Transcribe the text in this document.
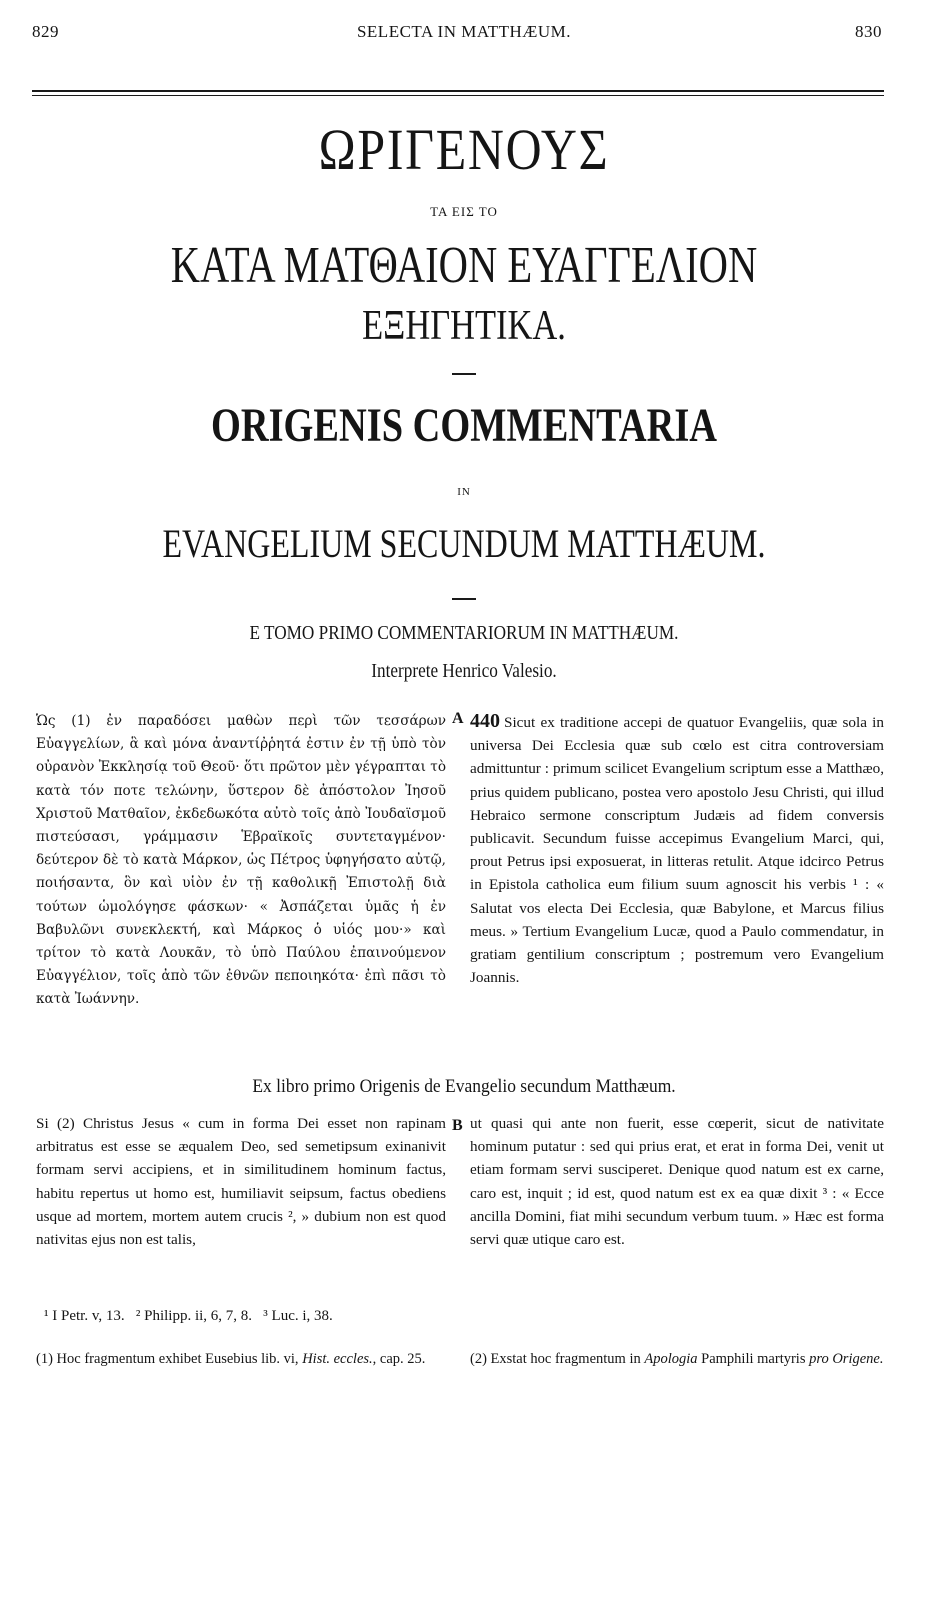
829	SELECTA IN MATTHÆUM.	830
ΩΡΙΓΕΝΟΥΣ
ΤΑ ΕΙΣ ΤΟ
ΚΑΤΑ ΜΑΤΘΑΙΟΝ ΕΥΑΓΓΕΛΙΟΝ
ΕΞΗΓΗΤΙΚΑ.
ORIGENIS COMMENTARIA
IN
EVANGELIUM SECUNDUM MATTHÆUM.
E TOMO PRIMO COMMENTARIORUM IN MATTHÆUM.
Interprete Henrico Valesio.
Ὡς (1) ἐν παραδόσει μαθὼν περὶ τῶν τεσσάρων Εὐαγγελίων, ἃ καὶ μόνα ἀναντίῤῥητά ἐστιν ἐν τῇ ὑπὸ τὸν οὐρανὸν Ἐκκλησίᾳ τοῦ Θεοῦ· ὅτι πρῶτον μὲν γέγραπται τὸ κατὰ τόν ποτε τελώνην, ὕστερον δὲ ἀπόστολον Ἰησοῦ Χριστοῦ Ματθαῖον, ἐκδεδωκότα αὐτὸ τοῖς ἀπὸ Ἰουδαϊσμοῦ πιστεύσασι, γράμμασιν Ἑβραϊκοῖς συντεταγμένον· δεύτερον δὲ τὸ κατὰ Μάρκον, ὡς Πέτρος ὑφηγήσατο αὐτῷ, ποιήσαντα, ὃν καὶ υἱὸν ἐν τῇ καθολικῇ Ἐπιστολῇ διὰ τούτων ὡμολόγησε φάσκων· « Ἀσπάζεται ὑμᾶς ἡ ἐν Βαβυλῶνι συνεκλεκτή, καὶ Μάρκος ὁ υἱός μου·» καὶ τρίτον τὸ κατὰ Λουκᾶν, τὸ ὑπὸ Παύλου ἐπαινούμενον Εὐαγγέλιον, τοῖς ἀπὸ τῶν ἐθνῶν πεποιηκότα· ἐπὶ πᾶσι τὸ κατὰ Ἰωάννην.
A 440 Sicut ex traditione accepi de quatuor Evangeliis, quæ sola in universa Dei Ecclesia quæ sub cœlo est citra controversiam admittuntur : primum scilicet Evangelium scriptum esse a Matthæo, prius quidem publicano, postea vero apostolo Jesu Christi, qui illud Hebraico sermone conscriptum Judæis ad fidem conversis publicavit. Secundum fuisse accepimus Evangelium Marci, qui, prout Petrus ipsi exposuerat, in litteras retulit. Atque idcirco Petrus in Epistola catholica eum filium suum agnoscit his verbis ¹ : « Salutat vos electa Dei Ecclesia, quæ Babylone, et Marcus filius meus. » Tertium Evangelium Lucæ, quod a Paulo commendatur, in gratiam gentilium conscriptum ; postremum vero Evangelium Joannis.
Ex libro primo Origenis de Evangelio secundum Matthæum.
Si (2) Christus Jesus « cum in forma Dei esset non rapinam arbitratus est esse se æqualem Deo, sed semetipsum exinanivit formam servi accipiens, et in similitudinem hominum factus, habitu repertus ut homo est, humiliavit seipsum, factus obediens usque ad mortem, mortem autem crucis ², » dubium non est quod nativitas ejus non est talis,
B ut quasi qui ante non fuerit, esse cœperit, sicut de nativitate hominum putatur : sed qui prius erat, et erat in forma Dei, venit ut etiam formam servi susciperet. Denique quod natum est ex carne, caro est, inquit ; id est, quod natum est ex ea quæ dixit ³ : « Ecce ancilla Domini, fiat mihi secundum verbum tuum. » Hæc est forma servi quæ utique caro est.
¹ I Petr. v, 13.   ² Philipp. ii, 6, 7, 8.   ³ Luc. i, 38.
(1) Hoc fragmentum exhibet Eusebius lib. vi, Hist. eccles., cap. 25.	(2) Exstat hoc fragmentum in Apologia Pamphili martyris pro Origene.
